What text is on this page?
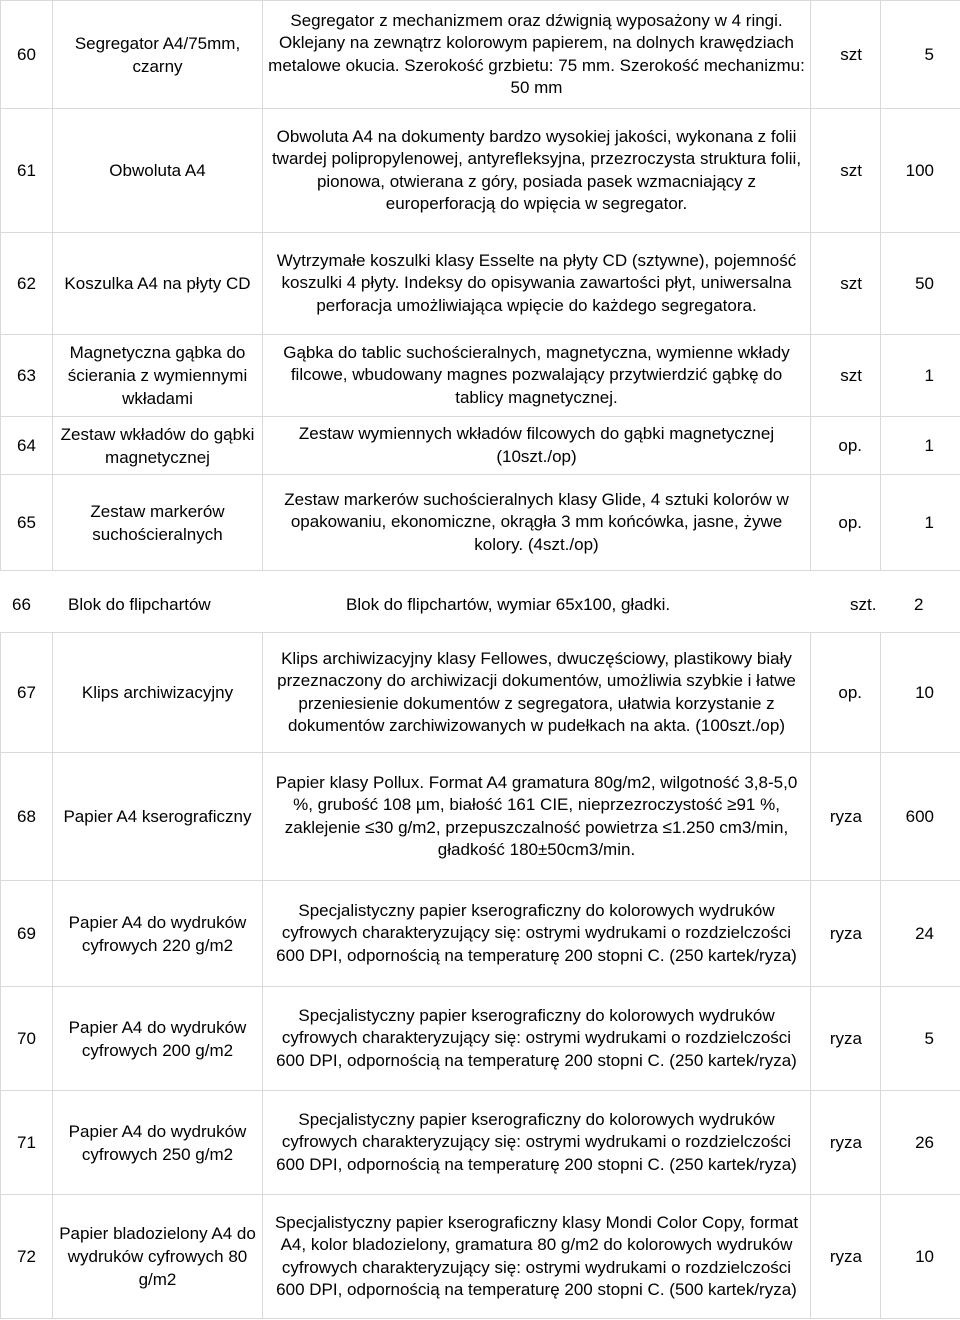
60	Segregator A4/75mm, czarny	Segregator z mechanizmem oraz dźwignią wyposażony w 4 ringi. Oklejany na zewnątrz kolorowym papierem, na dolnych krawędziach metalowe okucia. Szerokość grzbietu: 75 mm. Szerokość mechanizmu: 50 mm	szt	5
61	Obwoluta A4	Obwoluta A4 na dokumenty bardzo wysokiej jakości, wykonana z folii twardej polipropylenowej, antyrefleksyjna, przezroczysta struktura folii, pionowa, otwierana z góry, posiada pasek wzmacniający z europerforacją do wpięcia w segregator.	szt	100
62	Koszulka A4 na płyty CD	Wytrzymałe koszulki klasy Esselte na płyty CD (sztywne), pojemność koszulki 4 płyty. Indeksy do opisywania zawartości płyt, uniwersalna perforacja umożliwiająca wpięcie do każdego segregatora.	szt	50
63	Magnetyczna gąbka do ścierania z wymiennymi wkładami	Gąbka do tablic suchościeralnych, magnetyczna, wymienne wkłady filcowe, wbudowany magnes pozwalający przytwierdzić gąbkę do tablicy magnetycznej.	szt	1
64	Zestaw wkładów do gąbki magnetycznej	Zestaw wymiennych wkładów filcowych do gąbki magnetycznej (10szt./op)	op.	1
65	Zestaw markerów suchościeralnych	Zestaw markerów suchościeralnych klasy Glide, 4 sztuki kolorów w opakowaniu, ekonomiczne, okrągła 3 mm końcówka, jasne, żywe kolory. (4szt./op)	op.	1
66 Blok do flipchartów	Blok do flipchartów, wymiar 65x100, gładki.	szt. 2
67	Klips archiwizacyjny	Klips archiwizacyjny klasy Fellowes, dwuczęściowy, plastikowy biały przeznaczony do archiwizacji dokumentów, umożliwia szybkie i łatwe przeniesienie dokumentów z segregatora, ułatwia korzystanie z dokumentów zarchiwizowanych w pudełkach na akta. (100szt./op)	op.	10
68	Papier A4 kserograficzny	Papier klasy Pollux. Format A4 gramatura 80g/m2, wilgotność 3,8-5,0 %, grubość 108 µm, białość 161 CIE, nieprzezroczystość ≥91 %, zaklejenie ≤30 g/m2, przepuszczalność powietrza ≤1.250 cm3/min, gładkość 180±50cm3/min.	ryza	600
69	Papier A4 do wydruków cyfrowych 220 g/m2	Specjalistyczny papier kserograficzny do kolorowych wydruków cyfrowych charakteryzujący się: ostrymi wydrukami o rozdzielczości 600 DPI, odpornością na temperaturę 200 stopni C. (250 kartek/ryza)	ryza	24
70	Papier A4 do wydruków cyfrowych 200 g/m2	Specjalistyczny papier kserograficzny do kolorowych wydruków cyfrowych charakteryzujący się: ostrymi wydrukami o rozdzielczości 600 DPI, odpornością na temperaturę 200 stopni C. (250 kartek/ryza)	ryza	5
71	Papier A4 do wydruków cyfrowych 250 g/m2	Specjalistyczny papier kserograficzny do kolorowych wydruków cyfrowych charakteryzujący się: ostrymi wydrukami o rozdzielczości 600 DPI, odpornością na temperaturę 200 stopni C. (250 kartek/ryza)	ryza	26
72	Papier bladozielony A4 do wydruków cyfrowych 80 g/m2	Specjalistyczny papier kserograficzny klasy Mondi Color Copy, format A4, kolor bladozielony, gramatura 80 g/m2 do kolorowych wydruków cyfrowych charakteryzujący się: ostrymi wydrukami o rozdzielczości 600 DPI, odpornością na temperaturę 200 stopni C. (500 kartek/ryza)	ryza	10
